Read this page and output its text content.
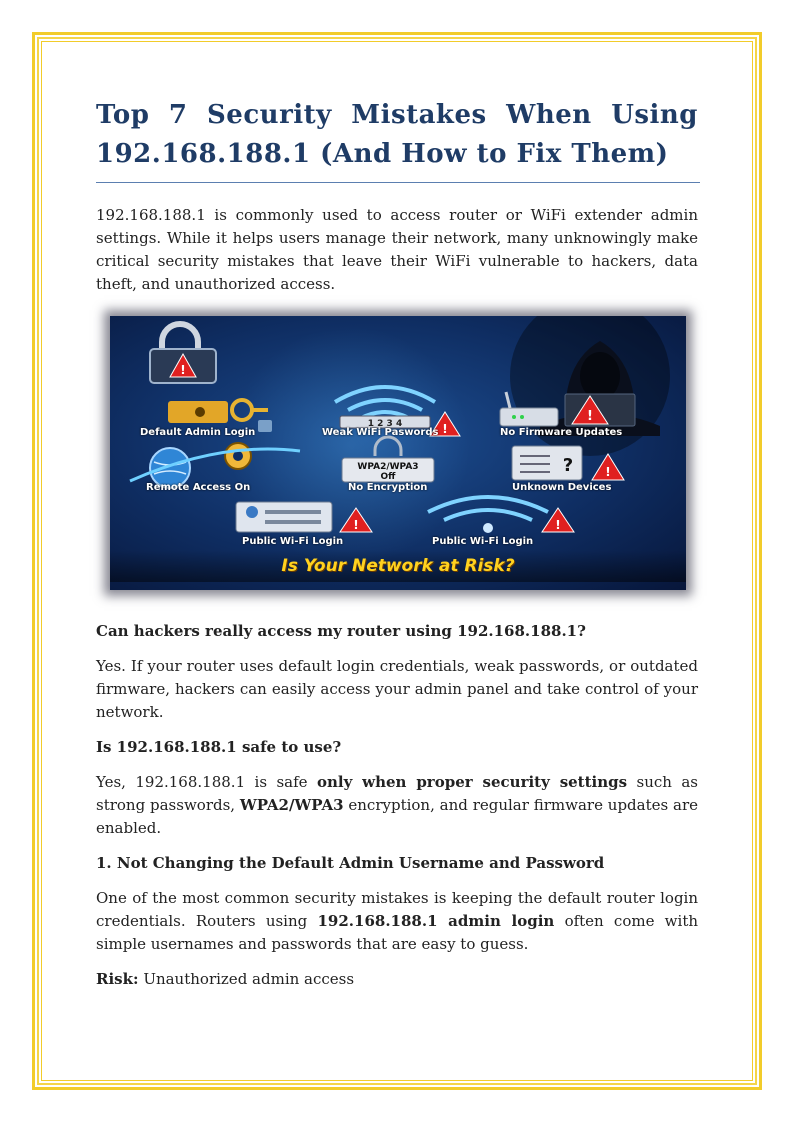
Top 7 Security Mistakes When Using
192.168.188.1 (And How to Fix Them)

192.168.188.1 is commonly used to access router or WiFi extender admin settings. While it helps users manage their network, many unknowingly make critical security mistakes that leave their WiFi vulnerable to hackers, data theft, and unauthorized access.

!
1 2 3 4	!
!
WPA2/WPA3
Off
?	!
!	!
Default Admin Login	Weak WiFi Paswords	No Firmware Updates
Remote Access On	No Encryption	Unknown Devices
Public Wi-Fi Login	Public Wi-Fi Login
Is Your Network at Risk?
Can hackers really access my router using 192.168.188.1?

Yes. If your router uses default login credentials, weak passwords, or outdated firmware, hackers can easily access your admin panel and take control of your network.

Is 192.168.188.1 safe to use?

Yes, 192.168.188.1 is safe only when proper security settings such as strong passwords, WPA2/WPA3 encryption, and regular firmware updates are enabled.

1. Not Changing the Default Admin Username and Password

One of the most common security mistakes is keeping the default router login credentials. Routers using 192.168.188.1 admin login often come with simple usernames and passwords that are easy to guess.

Risk: Unauthorized admin access
